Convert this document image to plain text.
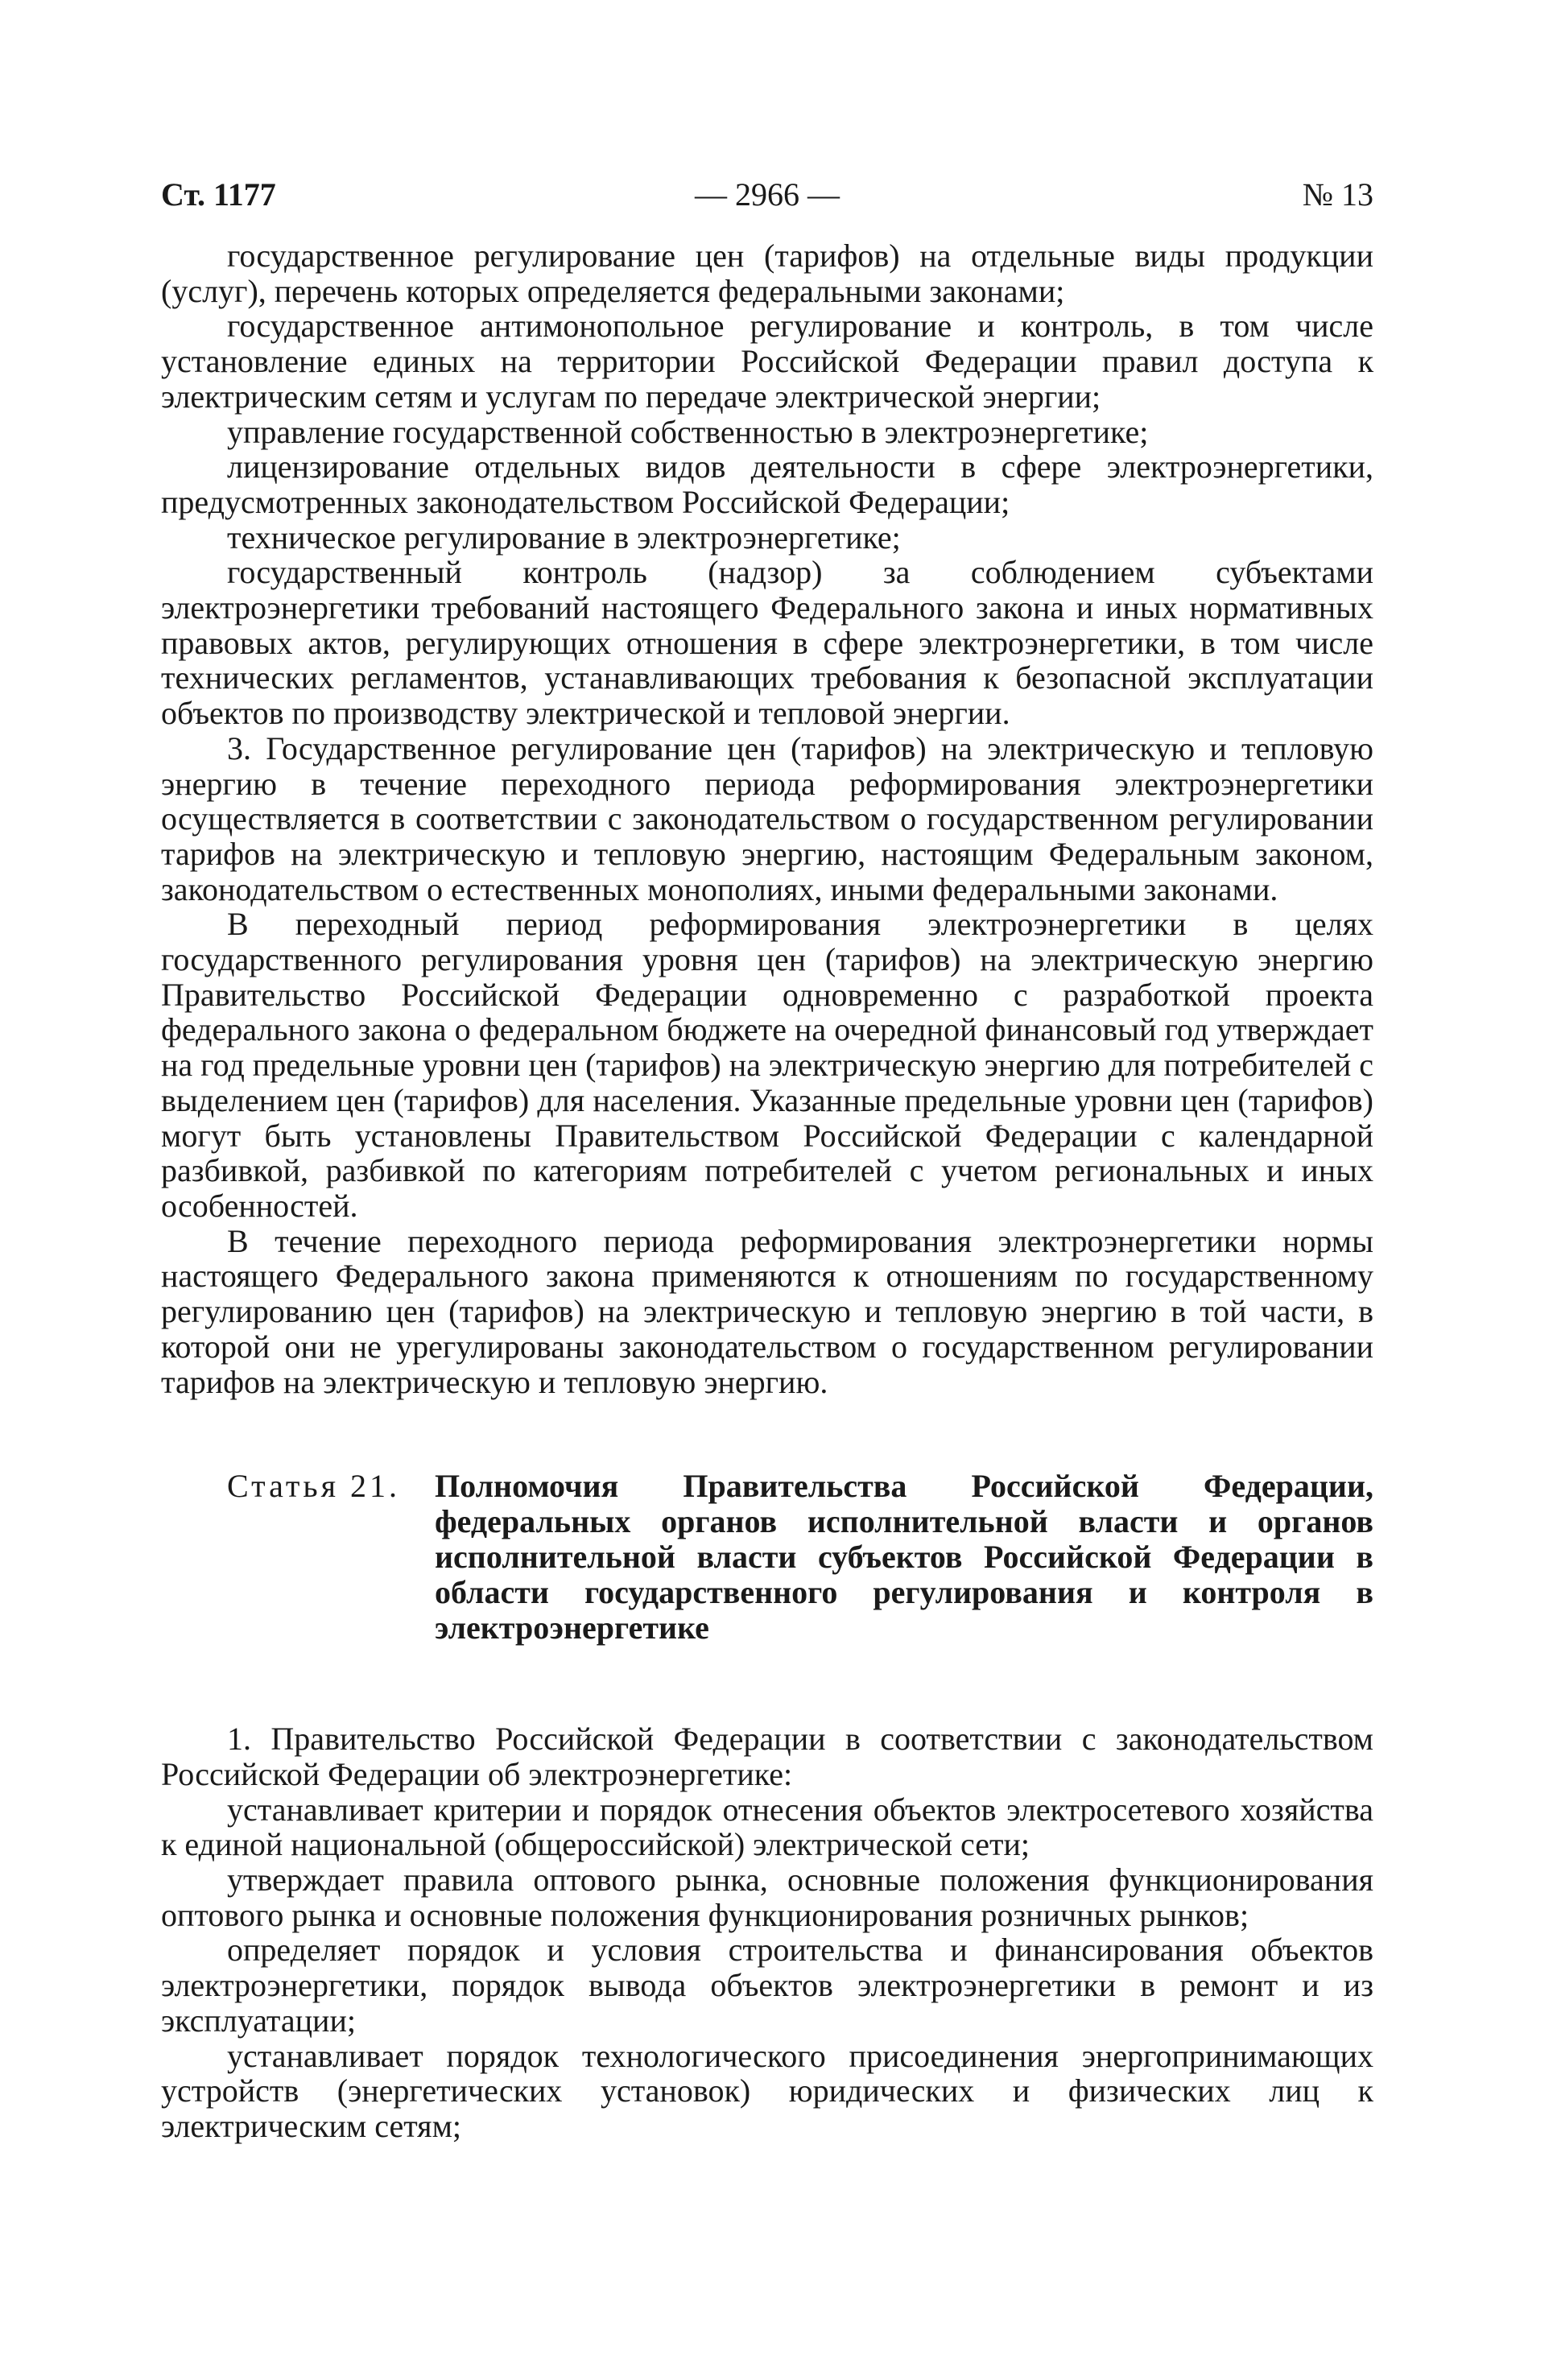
Ст. 1177	— 2966 —	№ 13

государственное регулирование цен (тарифов) на отдельные виды продукции (услуг), перечень которых определяется федеральными законами;

государственное антимонопольное регулирование и контроль, в том числе установление единых на территории Российской Федерации правил доступа к электрическим сетям и услугам по передаче электрической энергии;

управление государственной собственностью в электроэнергетике;

лицензирование отдельных видов деятельности в сфере электроэнергетики, предусмотренных законодательством Российской Федерации;

техническое регулирование в электроэнергетике;

государственный контроль (надзор) за соблюдением субъектами электроэнергетики требований настоящего Федерального закона и иных нормативных правовых актов, регулирующих отношения в сфере электроэнергетики, в том числе технических регламентов, устанавливающих требования к безопасной эксплуатации объектов по производству электрической и тепловой энергии.

3. Государственное регулирование цен (тарифов) на электрическую и тепловую энергию в течение переходного периода реформирования электроэнергетики осуществляется в соответствии с законодательством о государственном регулировании тарифов на электрическую и тепловую энергию, настоящим Федеральным законом, законодательством о естественных монополиях, иными федеральными законами.

В переходный период реформирования электроэнергетики в целях государственного регулирования уровня цен (тарифов) на электрическую энергию Правительство Российской Федерации одновременно с разработкой проекта федерального закона о федеральном бюджете на очередной финансовый год утверждает на год предельные уровни цен (тарифов) на электрическую энергию для потребителей с выделением цен (тарифов) для населения. Указанные предельные уровни цен (тарифов) могут быть установлены Правительством Российской Федерации с календарной разбивкой, разбивкой по категориям потребителей с учетом региональных и иных особенностей.

В течение переходного периода реформирования электроэнергетики нормы настоящего Федерального закона применяются к отношениям по государственному регулированию цен (тарифов) на электрическую и тепловую энергию в той части, в которой они не урегулированы законодательством о государственном регулировании тарифов на электрическую и тепловую энергию.

Статья 21. Полномочия Правительства Российской Федерации, федеральных органов исполнительной власти и органов исполнительной власти субъектов Российской Федерации в области государственного регулирования и контроля в электроэнергетике

1. Правительство Российской Федерации в соответствии с законодательством Российской Федерации об электроэнергетике:

устанавливает критерии и порядок отнесения объектов электросетевого хозяйства к единой национальной (общероссийской) электрической сети;

утверждает правила оптового рынка, основные положения функционирования оптового рынка и основные положения функционирования розничных рынков;

определяет порядок и условия строительства и финансирования объектов электроэнергетики, порядок вывода объектов электроэнергетики в ремонт и из эксплуатации;

устанавливает порядок технологического присоединения энергопринимающих устройств (энергетических установок) юридических и физических лиц к электрическим сетям;
